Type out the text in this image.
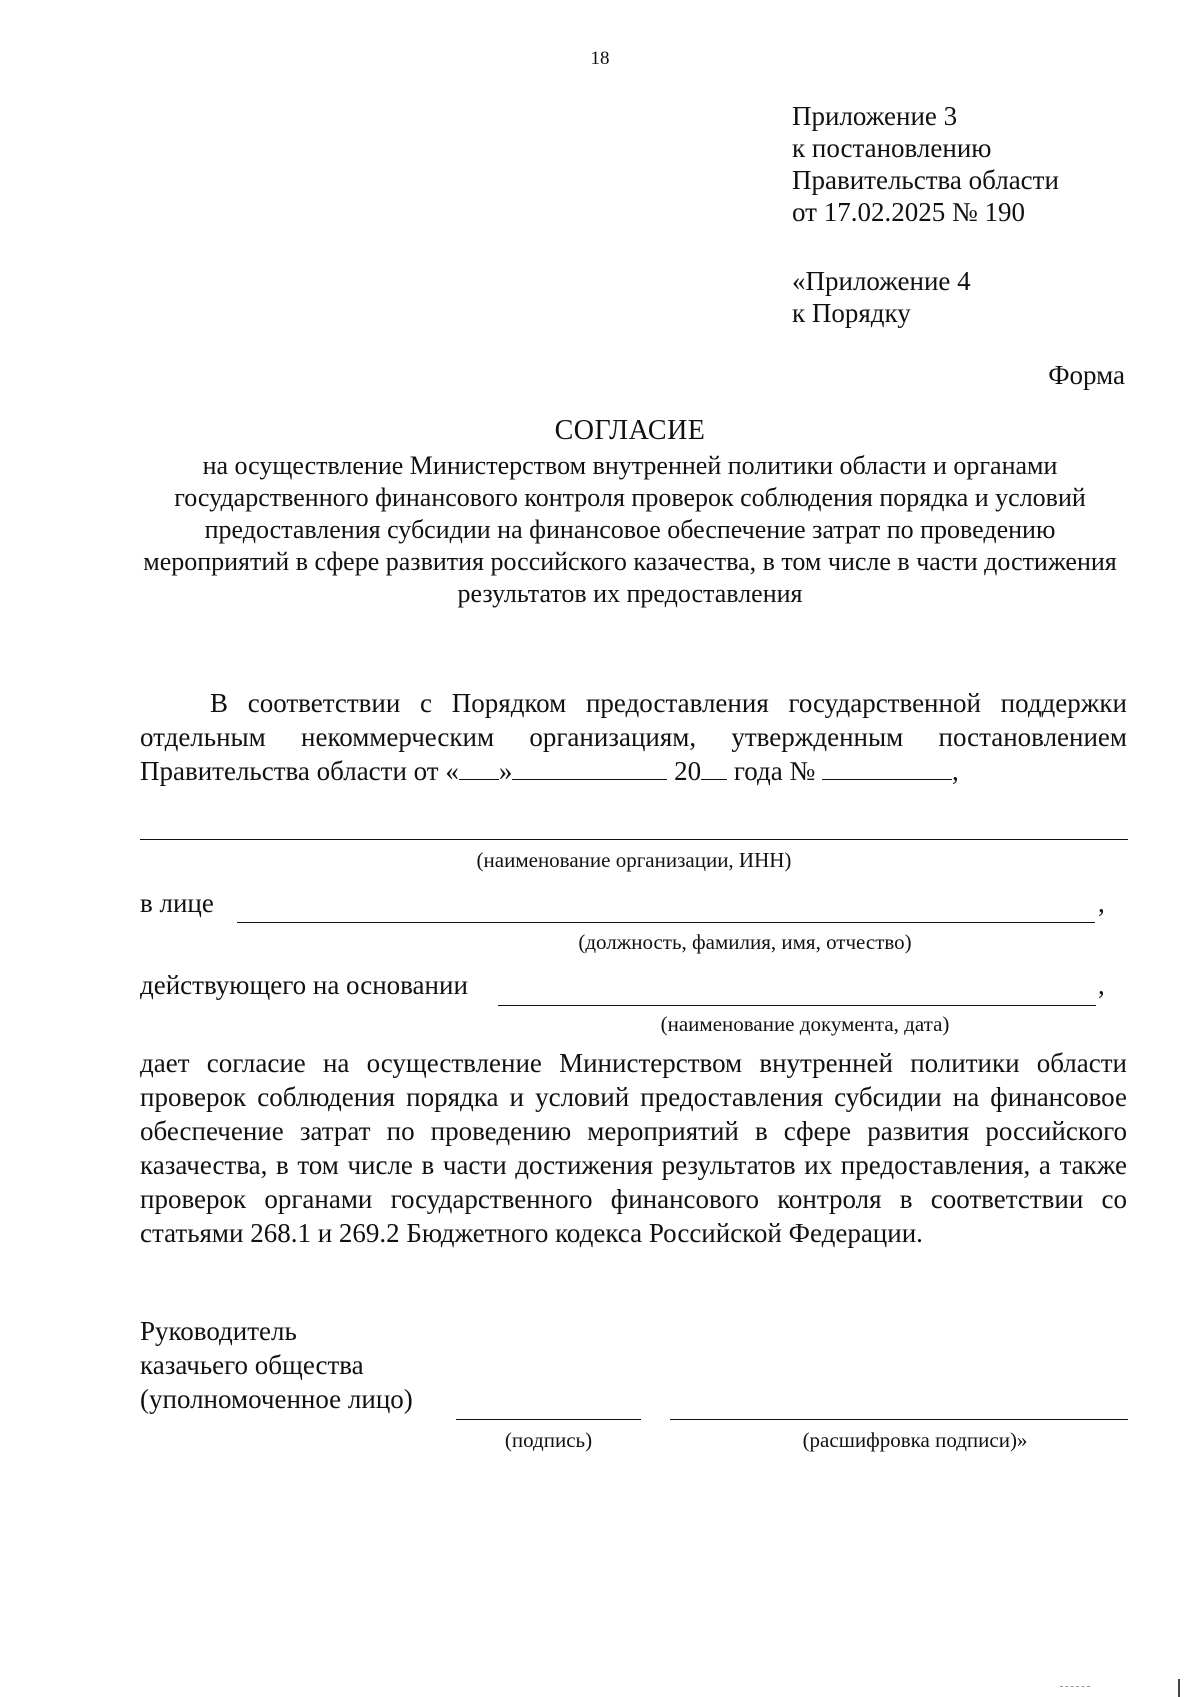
18
Приложение 3
к постановлению
Правительства области
от 17.02.2025 № 190
«Приложение 4
к Порядку
Форма
СОГЛАСИЕ
на осуществление Министерством внутренней политики области и органами государственного финансового контроля проверок соблюдения порядка и условий предоставления субсидии на финансовое обеспечение затрат по проведению мероприятий в сфере развития российского казачества, в том числе в части достижения результатов их предоставления
В соответствии с Порядком предоставления государственной поддержки отдельным некоммерческим организациям, утвержденным постановлением Правительства области от « »	20 года №	,
(наименование организации, ИНН)
в лице	,
(должность, фамилия, имя, отчество)
действующего на основании	,
(наименование документа, дата)
дает согласие на осуществление Министерством внутренней политики области проверок соблюдения порядка и условий предоставления субсидии на финансовое обеспечение затрат по проведению мероприятий в сфере развития российского казачества, в том числе в части достижения результатов их предоставления, а также проверок органами государственного финансового контроля в соответствии со статьями 268.1 и 269.2 Бюджетного кодекса Российской Федерации.
Руководитель
казачьего общества
(уполномоченное лицо)
(подпись)	(расшифровка подписи)»
